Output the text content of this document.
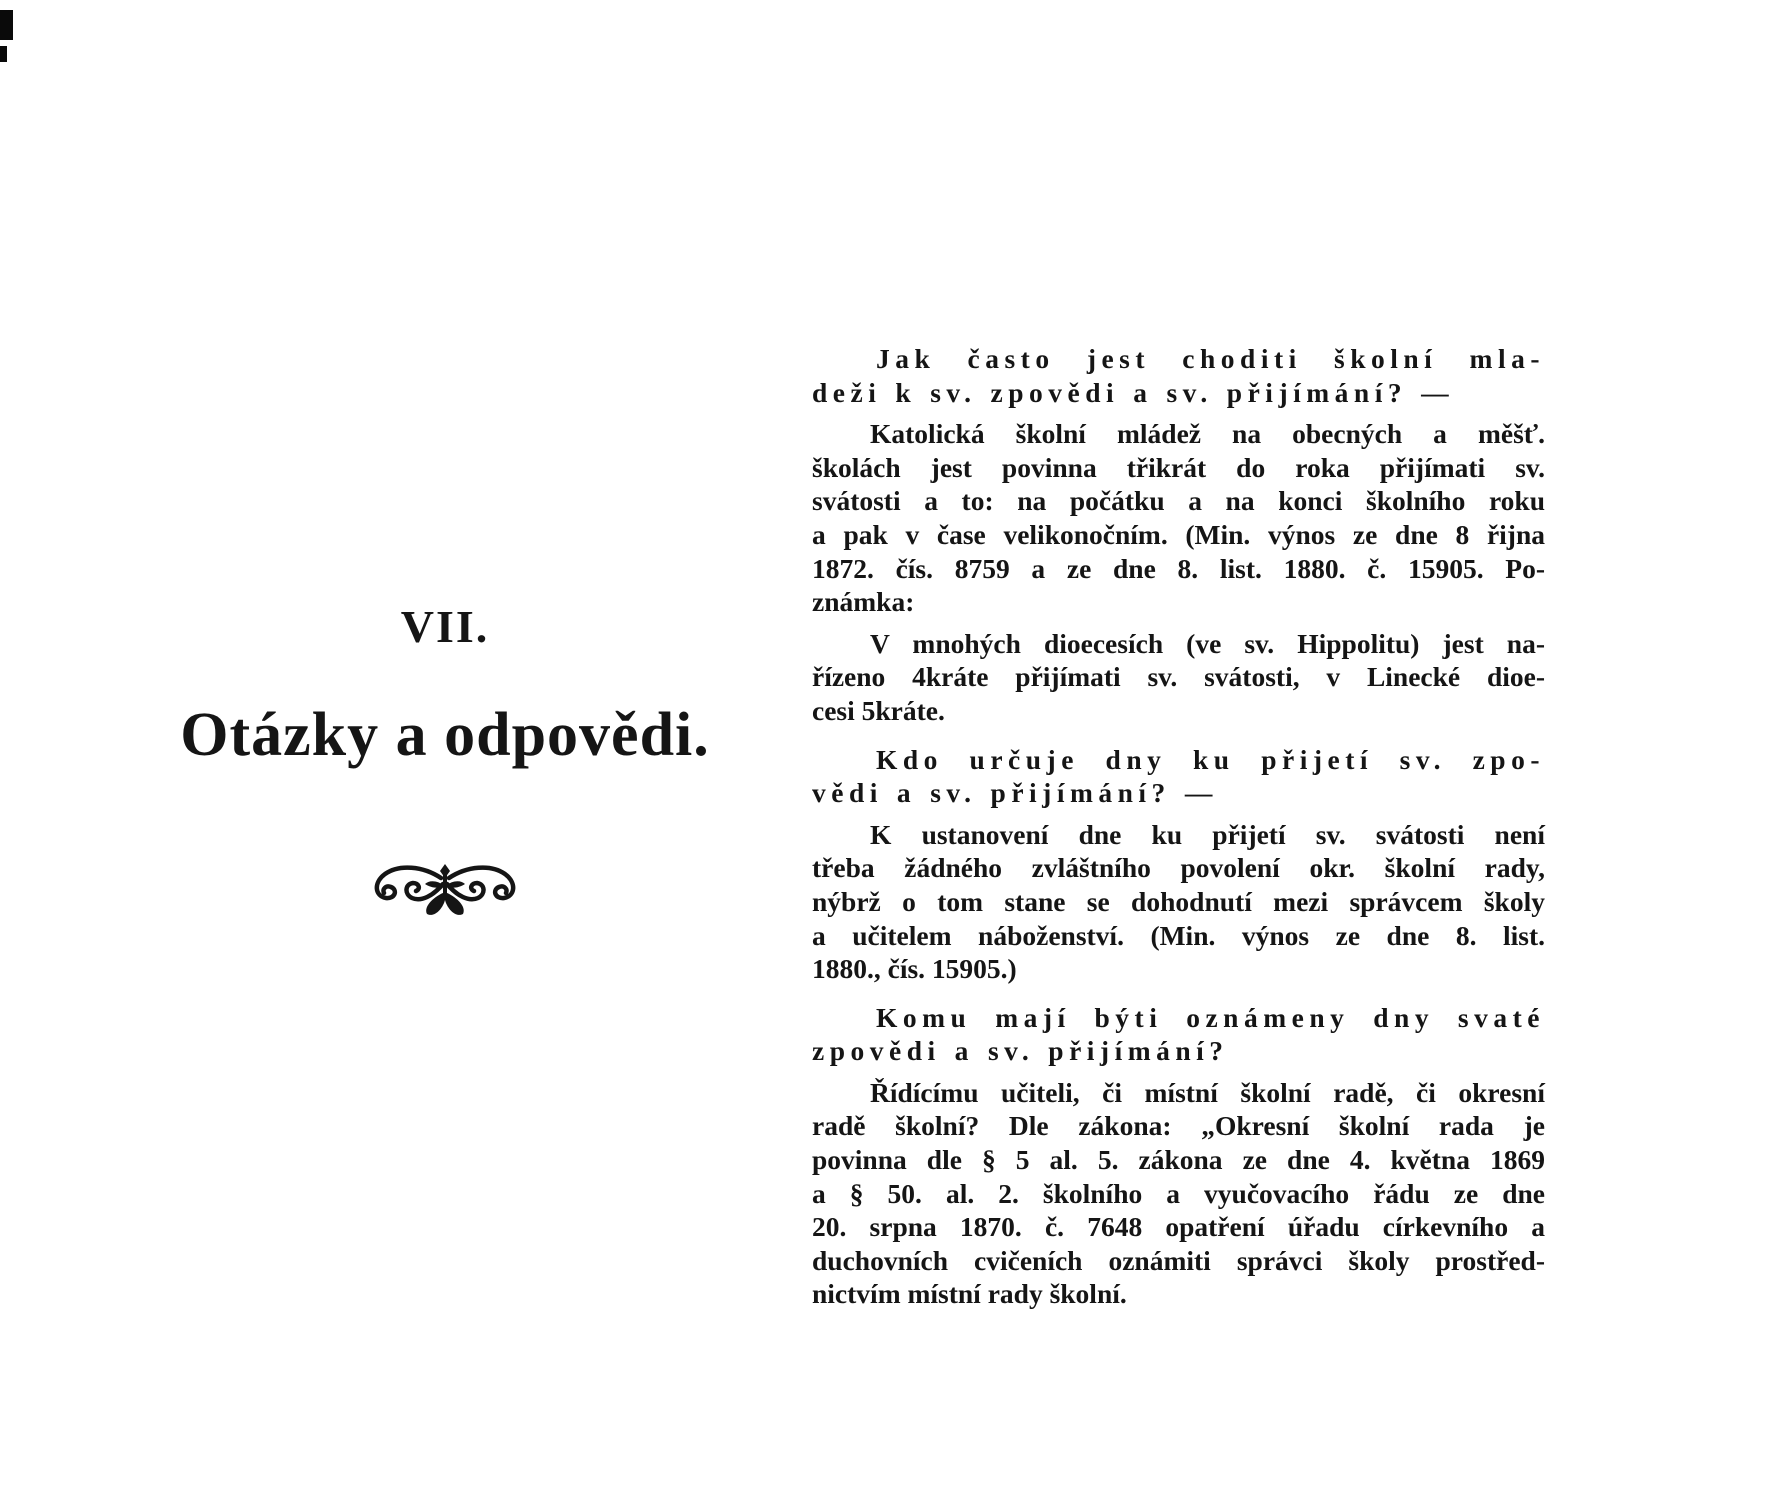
VII.
Otázky a odpovědi.
Jak často jest choditi školní mla-
deži k sv. zpovědi a sv. přijímání? —
Katolická školní mládež na obecných a měšť.
školách jest povinna třikrát do roka přijímati sv.
svátosti a to: na počátku a na konci školního roku
a pak v čase velikonočním. (Min. výnos ze dne 8 řijna
1872. čís. 8759 a ze dne 8. list. 1880. č. 15905. Po-
známka:
V mnohých dioecesích (ve sv. Hippolitu) jest na-
řízeno 4kráte přijímati sv. svátosti, v Linecké dioe-
cesi 5kráte.
Kdo určuje dny ku přijetí sv. zpo-
vědi a sv. přijímání? —
K ustanovení dne ku přijetí sv. svátosti není
třeba žádného zvláštního povolení okr. školní rady,
nýbrž o tom stane se dohodnutí mezi správcem školy
a učitelem náboženství. (Min. výnos ze dne 8. list.
1880., čís. 15905.)
Komu mají býti oznámeny dny svaté
zpovědi a sv. přijímání?
Řídícímu učiteli, či místní školní radě, či okresní
radě školní? Dle zákona: „Okresní školní rada je
povinna dle § 5 al. 5. zákona ze dne 4. května 1869
a § 50. al. 2. školního a vyučovacího řádu ze dne
20. srpna 1870. č. 7648 opatření úřadu církevního a
duchovních cvičeních oznámiti správci školy prostřed-
nictvím místní rady školní.
